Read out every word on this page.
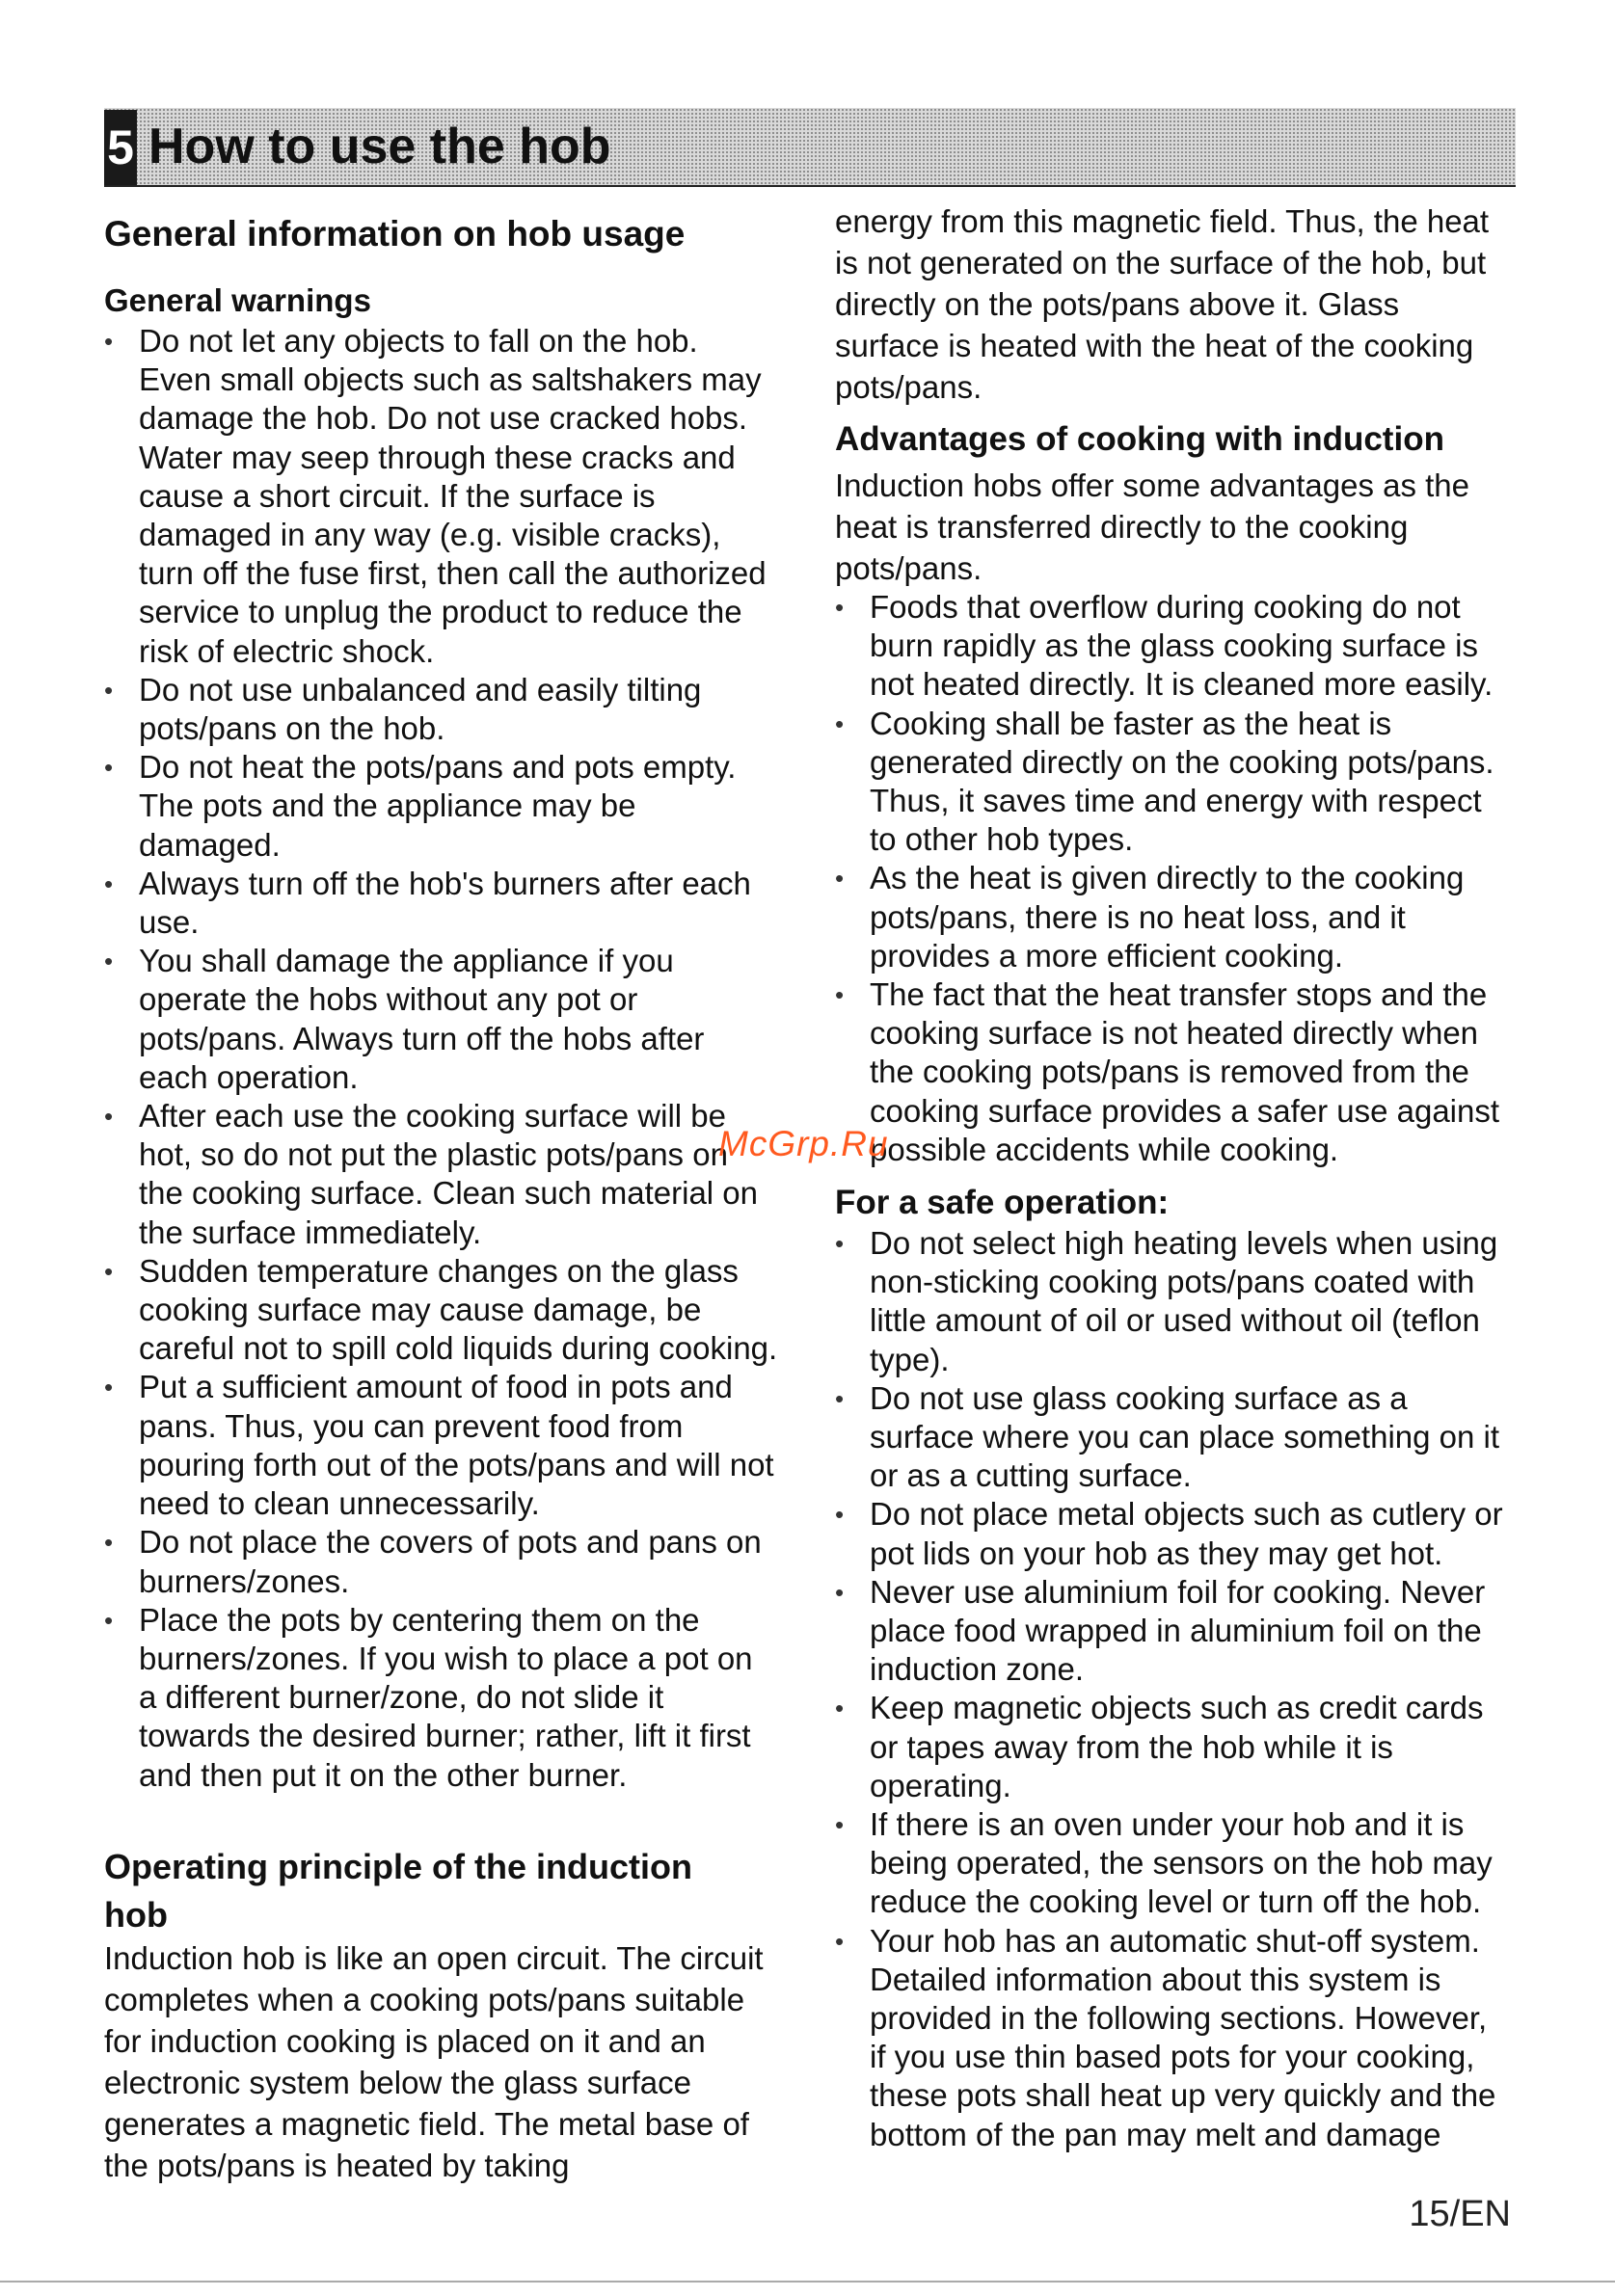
5 How to use the hob
General information on hob usage
General warnings
• Do not let any objects to fall on the hob. Even small objects such as saltshakers may damage the hob. Do not use cracked hobs. Water may seep through these cracks and cause a short circuit. If the surface is damaged in any way (e.g. visible cracks), turn off the fuse first, then call the authorized service to unplug the product to reduce the risk of electric shock.
• Do not use unbalanced and easily tilting pots/pans on the hob.
• Do not heat the pots/pans and pots empty. The pots and the appliance may be damaged.
• Always turn off the hob's burners after each use.
• You shall damage the appliance if you operate the hobs without any pot or pots/pans. Always turn off the hobs after each operation.
• After each use the cooking surface will be hot, so do not put the plastic pots/pans on the cooking surface. Clean such material on the surface immediately.
• Sudden temperature changes on the glass cooking surface may cause damage, be careful not to spill cold liquids during cooking.
• Put a sufficient amount of food in pots and pans. Thus, you can prevent food from pouring forth out of the pots/pans and will not need to clean unnecessarily.
• Do not place the covers of pots and pans on burners/zones.
• Place the pots by centering them on the burners/zones. If you wish to place a pot on a different burner/zone, do not slide it towards the desired burner; rather, lift it first and then put it on the other burner.
Operating principle of the induction hob

Induction hob is like an open circuit. The circuit completes when a cooking pots/pans suitable for induction cooking is placed on it and an electronic system below the glass surface generates a magnetic field. The metal base of the pots/pans is heated by taking

energy from this magnetic field. Thus, the heat is not generated on the surface of the hob, but directly on the pots/pans above it. Glass surface is heated with the heat of the cooking pots/pans.

Advantages of cooking with induction

Induction hobs offer some advantages as the heat is transferred directly to the cooking pots/pans.

• Foods that overflow during cooking do not burn rapidly as the glass cooking surface is not heated directly. It is cleaned more easily.
• Cooking shall be faster as the heat is generated directly on the cooking pots/pans. Thus, it saves time and energy with respect to other hob types.
• As the heat is given directly to the cooking pots/pans, there is no heat loss, and it provides a more efficient cooking.
• The fact that the heat transfer stops and the cooking surface is not heated directly when the cooking pots/pans is removed from the cooking surface provides a safer use against possible accidents while cooking.
For a safe operation:
• Do not select high heating levels when using non-sticking cooking pots/pans coated with little amount of oil or used without oil (teflon type).
• Do not use glass cooking surface as a surface where you can place something on it or as a cutting surface.
• Do not place metal objects such as cutlery or pot lids on your hob as they may get hot.
• Never use aluminium foil for cooking. Never place food wrapped in aluminium foil on the induction zone.
• Keep magnetic objects such as credit cards or tapes away from the hob while it is operating.
• If there is an oven under your hob and it is being operated, the sensors on the hob may reduce the cooking level or turn off the hob.
• Your hob has an automatic shut-off system. Detailed information about this system is provided in the following sections. However, if you use thin based pots for your cooking, these pots shall heat up very quickly and the bottom of the pan may melt and damage
McGrp.Ru
15/EN
